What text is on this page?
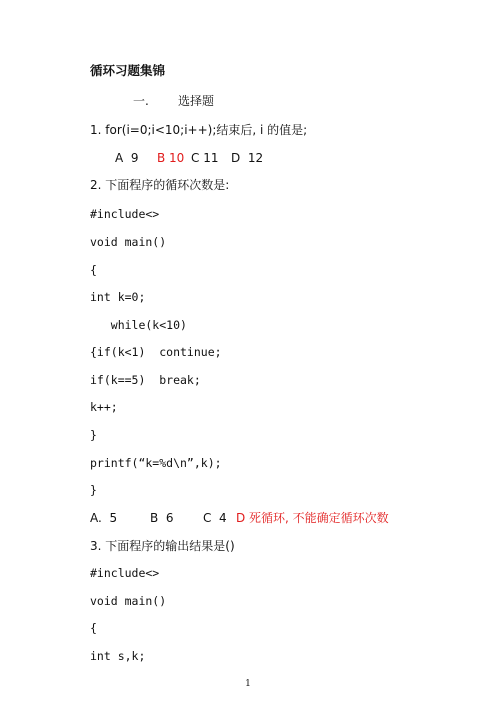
循环习题集锦
一. 选择题
1. for(i=0;i<10;i++);结束后, i 的值是;
A  9 B 10 C 11 D  12
2. 下面程序的循环次数是:
#include<>
void main()
{
int k=0;
while(k<10)
{if(k<1)  continue;
if(k==5)  break;
k++;
}
printf(“k=%d\n”,k);
}
A.  5	B  6 C  4 D 死循环, 不能确定循环次数
3. 下面程序的输出结果是()
#include<>
void main()
{
int s,k;
1
